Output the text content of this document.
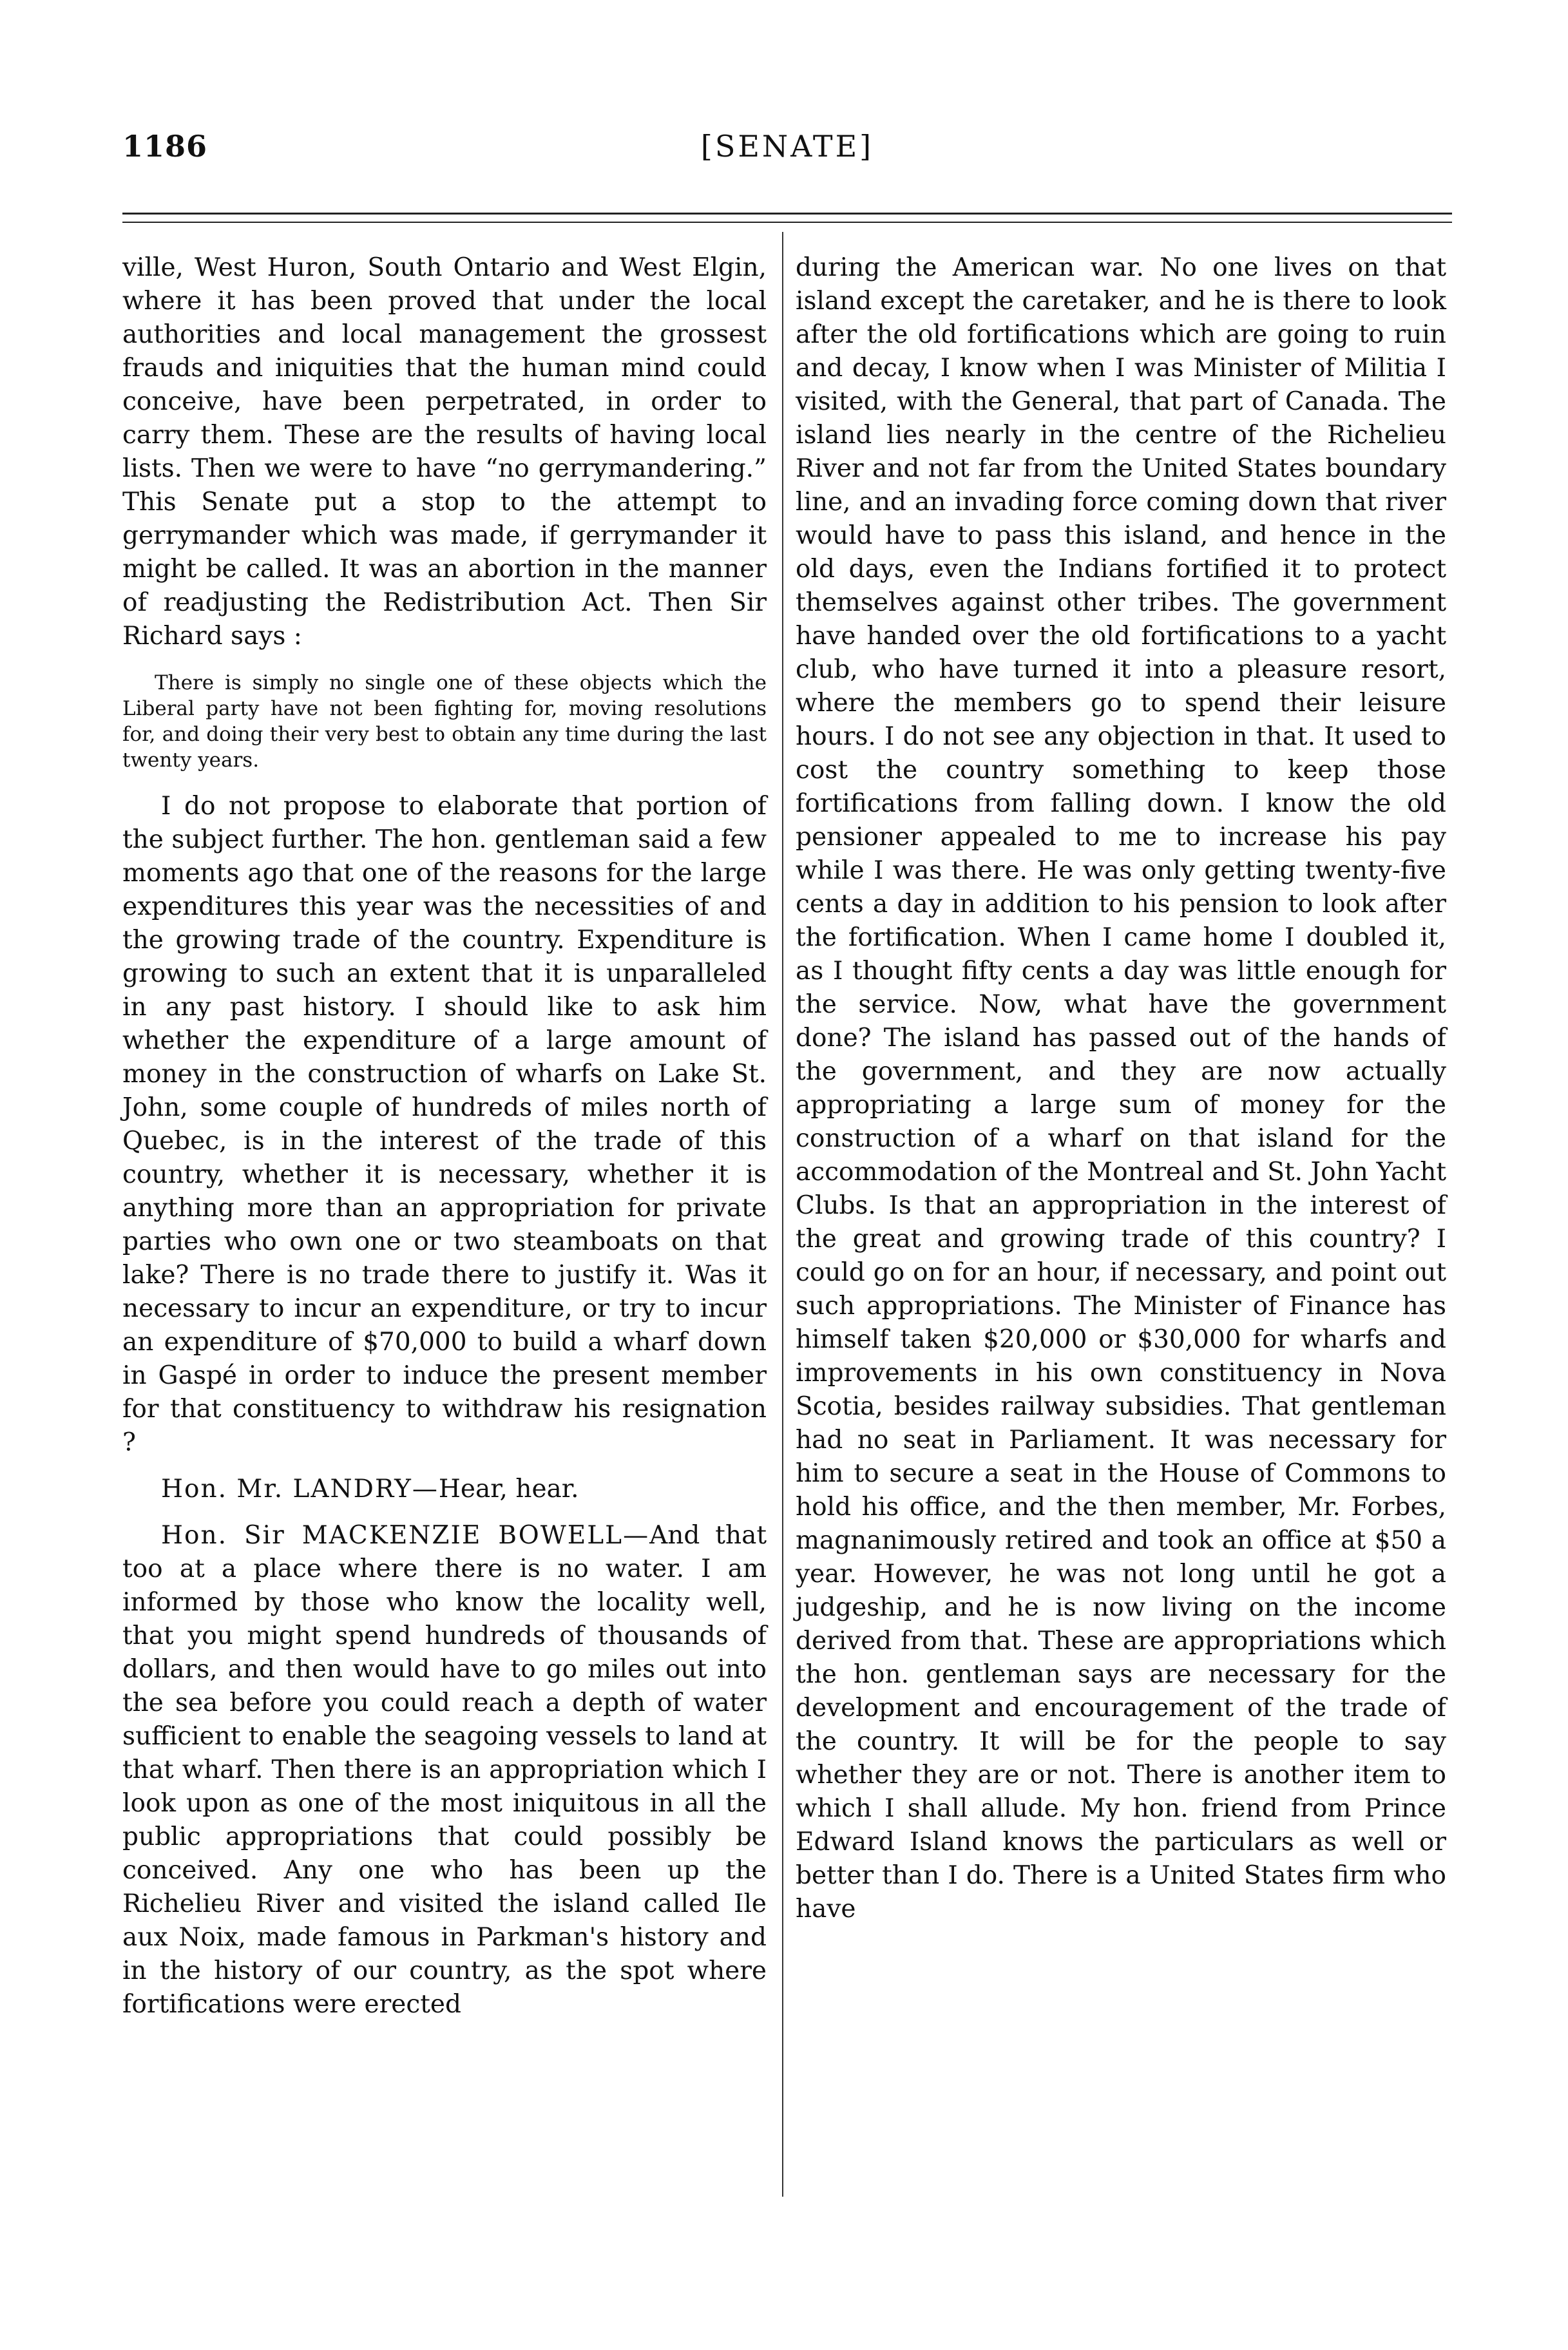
1186	[SENATE]

ville, West Huron, South Ontario and West Elgin, where it has been proved that under the local authorities and local management the grossest frauds and iniquities that the human mind could conceive, have been perpetrated, in order to carry them. These are the results of having local lists. Then we were to have “no gerrymandering.” This Senate put a stop to the attempt to gerrymander which was made, if gerrymander it might be called. It was an abortion in the manner of readjusting the Redistribution Act. Then Sir Richard says :

There is simply no single one of these objects which the Liberal party have not been fighting for, moving resolutions for, and doing their very best to obtain any time during the last twenty years.

I do not propose to elaborate that portion of the subject further. The hon. gentleman said a few moments ago that one of the reasons for the large expenditures this year was the necessities of and the growing trade of the country. Expenditure is growing to such an extent that it is unparalleled in any past history. I should like to ask him whether the expenditure of a large amount of money in the construction of wharfs on Lake St. John, some couple of hundreds of miles north of Quebec, is in the interest of the trade of this country, whether it is necessary, whether it is anything more than an appropriation for private parties who own one or two steamboats on that lake? There is no trade there to justify it. Was it necessary to incur an expenditure, or try to incur an expenditure of $70,000 to build a wharf down in Gaspé in order to induce the present member for that constituency to withdraw his resignation ?

Hon. Mr. LANDRY—Hear, hear.

Hon. Sir MACKENZIE BOWELL—And that too at a place where there is no water. I am informed by those who know the locality well, that you might spend hundreds of thousands of dollars, and then would have to go miles out into the sea before you could reach a depth of water sufficient to enable the seagoing vessels to land at that wharf. Then there is an appropriation which I look upon as one of the most iniquitous in all the public appropriations that could possibly be conceived. Any one who has been up the Richelieu River and visited the island called Ile aux Noix, made famous in Parkman's history and in the history of our country, as the spot where fortifications were erected

during the American war. No one lives on that island except the caretaker, and he is there to look after the old fortifications which are going to ruin and decay, I know when I was Minister of Militia I visited, with the General, that part of Canada. The island lies nearly in the centre of the Richelieu River and not far from the United States boundary line, and an invading force coming down that river would have to pass this island, and hence in the old days, even the Indians fortified it to protect themselves against other tribes. The government have handed over the old fortifications to a yacht club, who have turned it into a pleasure resort, where the members go to spend their leisure hours. I do not see any objection in that. It used to cost the country something to keep those fortifications from falling down. I know the old pensioner appealed to me to increase his pay while I was there. He was only getting twenty-five cents a day in addition to his pension to look after the fortification. When I came home I doubled it, as I thought fifty cents a day was little enough for the service. Now, what have the government done? The island has passed out of the hands of the government, and they are now actually appropriating a large sum of money for the construction of a wharf on that island for the accommodation of the Montreal and St. John Yacht Clubs. Is that an appropriation in the interest of the great and growing trade of this country? I could go on for an hour, if necessary, and point out such appropriations. The Minister of Finance has himself taken $20,000 or $30,000 for wharfs and improvements in his own constituency in Nova Scotia, besides railway subsidies. That gentleman had no seat in Parliament. It was necessary for him to secure a seat in the House of Commons to hold his office, and the then member, Mr. Forbes, magnanimously retired and took an office at $50 a year. However, he was not long until he got a judgeship, and he is now living on the income derived from that. These are appropriations which the hon. gentleman says are necessary for the development and encouragement of the trade of the country. It will be for the people to say whether they are or not. There is another item to which I shall allude. My hon. friend from Prince Edward Island knows the particulars as well or better than I do. There is a United States firm who have
